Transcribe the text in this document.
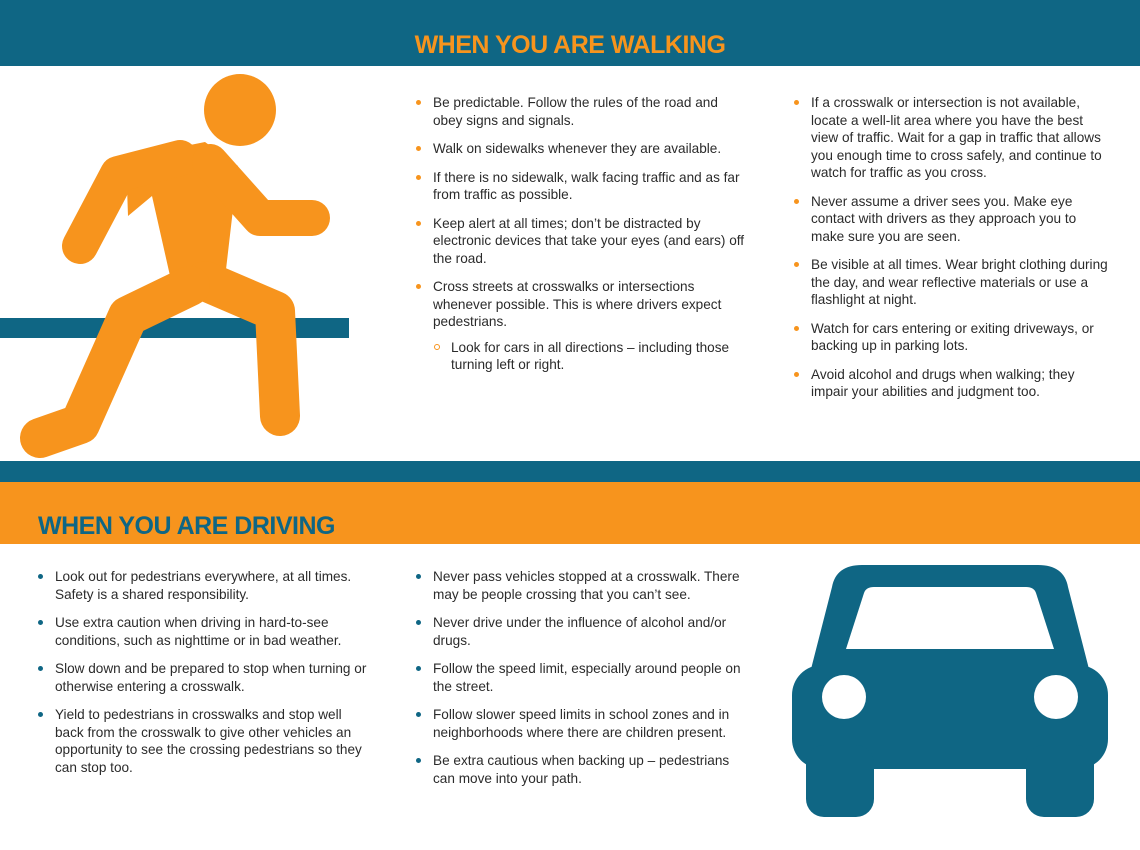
WHEN YOU ARE WALKING
Be predictable. Follow the rules of the road and obey signs and signals.
Walk on sidewalks whenever they are available.
If there is no sidewalk, walk facing traffic and as far from traffic as possible.
Keep alert at all times; don’t be distracted by electronic devices that take your eyes (and ears) off the road.
Cross streets at crosswalks or intersections whenever possible. This is where drivers expect pedestrians.
Look for cars in all directions – including those turning left or right.
If a crosswalk or intersection is not available, locate a well-lit area where you have the best view of traffic. Wait for a gap in traffic that allows you enough time to cross safely, and continue to watch for traffic as you cross.
Never assume a driver sees you. Make eye contact with drivers as they approach you to make sure you are seen.
Be visible at all times. Wear bright clothing during the day, and wear reflective materials or use a flashlight at night.
Watch for cars entering or exiting driveways, or backing up in parking lots.
Avoid alcohol and drugs when walking; they impair your abilities and judgment too.
WHEN YOU ARE DRIVING
Look out for pedestrians everywhere, at all times. Safety is a shared responsibility.
Use extra caution when driving in hard-to-see conditions, such as nighttime or in bad weather.
Slow down and be prepared to stop when turning or otherwise entering a crosswalk.
Yield to pedestrians in crosswalks and stop well back from the crosswalk to give other vehicles an opportunity to see the crossing pedestrians so they can stop too.
Never pass vehicles stopped at a crosswalk. There may be people crossing that you can’t see.
Never drive under the influence of alcohol and/or drugs.
Follow the speed limit, especially around people on the street.
Follow slower speed limits in school zones and in neighborhoods where there are children present.
Be extra cautious when backing up – pedestrians can move into your path.
